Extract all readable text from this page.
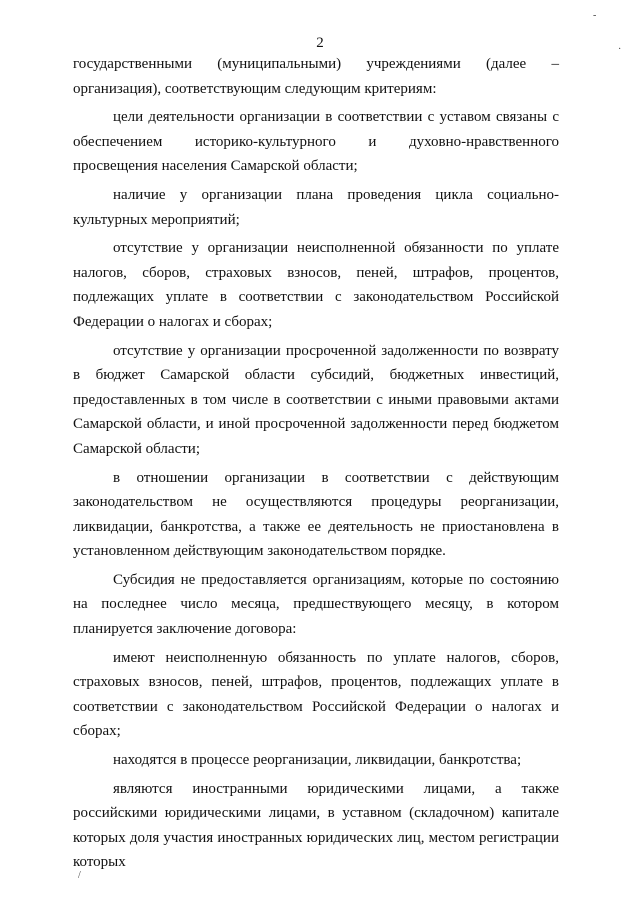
2
-
·
/

государственными (муниципальными) учреждениями (далее – организация), соответствующим следующим критериям:

цели деятельности организации в соответствии с уставом связаны с обеспечением историко-культурного и духовно-нравственного просвещения населения Самарской области;

наличие у организации плана проведения цикла социально-культурных мероприятий;

отсутствие у организации неисполненной обязанности по уплате налогов, сборов, страховых взносов, пеней, штрафов, процентов, подлежащих уплате в соответствии с законодательством Российской Федерации о налогах и сборах;

отсутствие у организации просроченной задолженности по возврату в бюджет Самарской области субсидий, бюджетных инвестиций, предоставленных в том числе в соответствии с иными правовыми актами Самарской области, и иной просроченной задолженности перед бюджетом Самарской области;

в отношении организации в соответствии с действующим законодательством не осуществляются процедуры реорганизации, ликвидации, банкротства, а также ее деятельность не приостановлена в установленном действующим законодательством порядке.

Субсидия не предоставляется организациям, которые по состоянию на последнее число месяца, предшествующего месяцу, в котором планируется заключение договора:

имеют неисполненную обязанность по уплате налогов, сборов, страховых взносов, пеней, штрафов, процентов, подлежащих уплате в соответствии с законодательством Российской Федерации о налогах и сборах;

находятся в процессе реорганизации, ликвидации, банкротства;

являются иностранными юридическими лицами, а также российскими юридическими лицами, в уставном (складочном) капитале которых доля участия иностранных юридических лиц, местом регистрации которых
